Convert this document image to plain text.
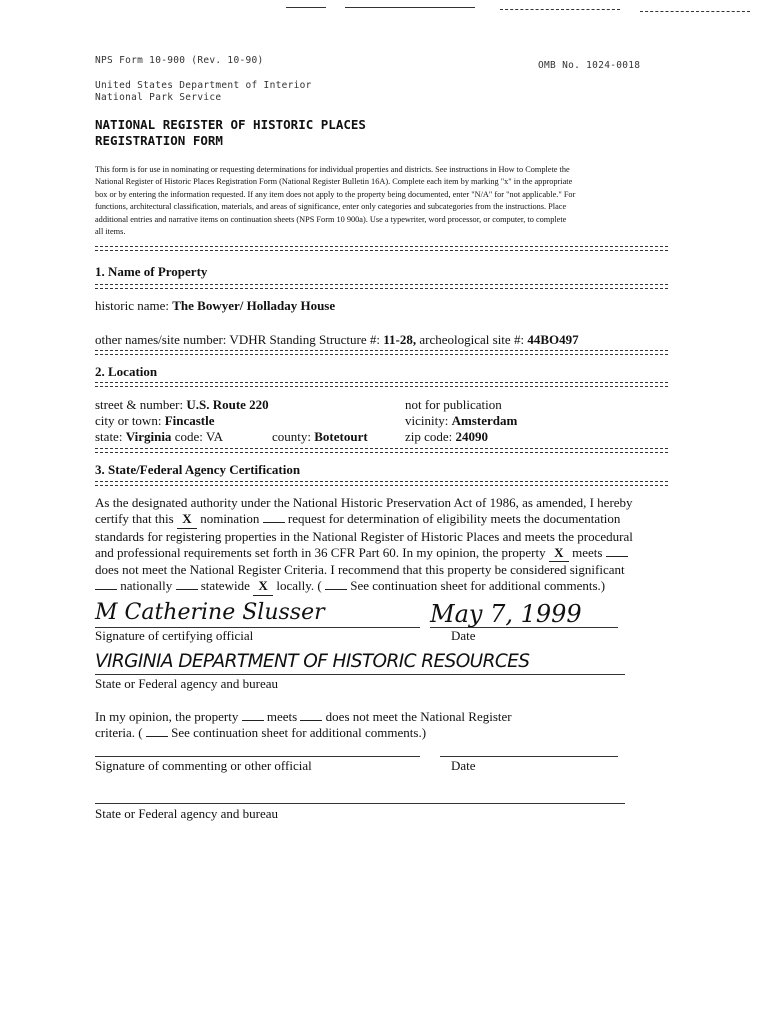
NPS Form 10-900 (Rev. 10-90)	OMB No. 1024-0018
United States Department of Interior
National Park Service
NATIONAL REGISTER OF HISTORIC PLACES
REGISTRATION FORM
This form is for use in nominating or requesting determinations for individual properties and districts. See instructions in How to Complete the
National Register of Historic Places Registration Form (National Register Bulletin 16A). Complete each item by marking "x" in the appropriate
box or by entering the information requested. If any item does not apply to the property being documented, enter "N/A" for "not applicable." For
functions, architectural classification, materials, and areas of significance, enter only categories and subcategories from the instructions. Place
additional entries and narrative items on continuation sheets (NPS Form 10 900a). Use a typewriter, word processor, or computer, to complete
all items.
1. Name of Property
historic name: The Bowyer/ Holladay House
other names/site number: VDHR Standing Structure #: 11-28, archeological site #: 44BO497
2. Location
street & number: U.S. Route 220	not for publication
city or town: Fincastle	vicinity: Amsterdam
state: Virginia code: VA	county: Botetourt	zip code: 24090
3. State/Federal Agency Certification
As the designated authority under the National Historic Preservation Act of 1986, as amended, I hereby
certify that this X nomination  request for determination of eligibility meets the documentation
standards for registering properties in the National Register of Historic Places and meets the procedural
and professional requirements set forth in 36 CFR Part 60. In my opinion, the property X meets
does not meet the National Register Criteria. I recommend that this property be considered significant
nationally  statewide X locally. (  See continuation sheet for additional comments.)
M Catherine Slusser	May 7, 1999
Signature of certifying official	Date
VIRGINIA DEPARTMENT OF HISTORIC RESOURCES
State or Federal agency and bureau
In my opinion, the property  meets  does not meet the National Register
criteria. (  See continuation sheet for additional comments.)
Signature of commenting or other official	Date
State or Federal agency and bureau
